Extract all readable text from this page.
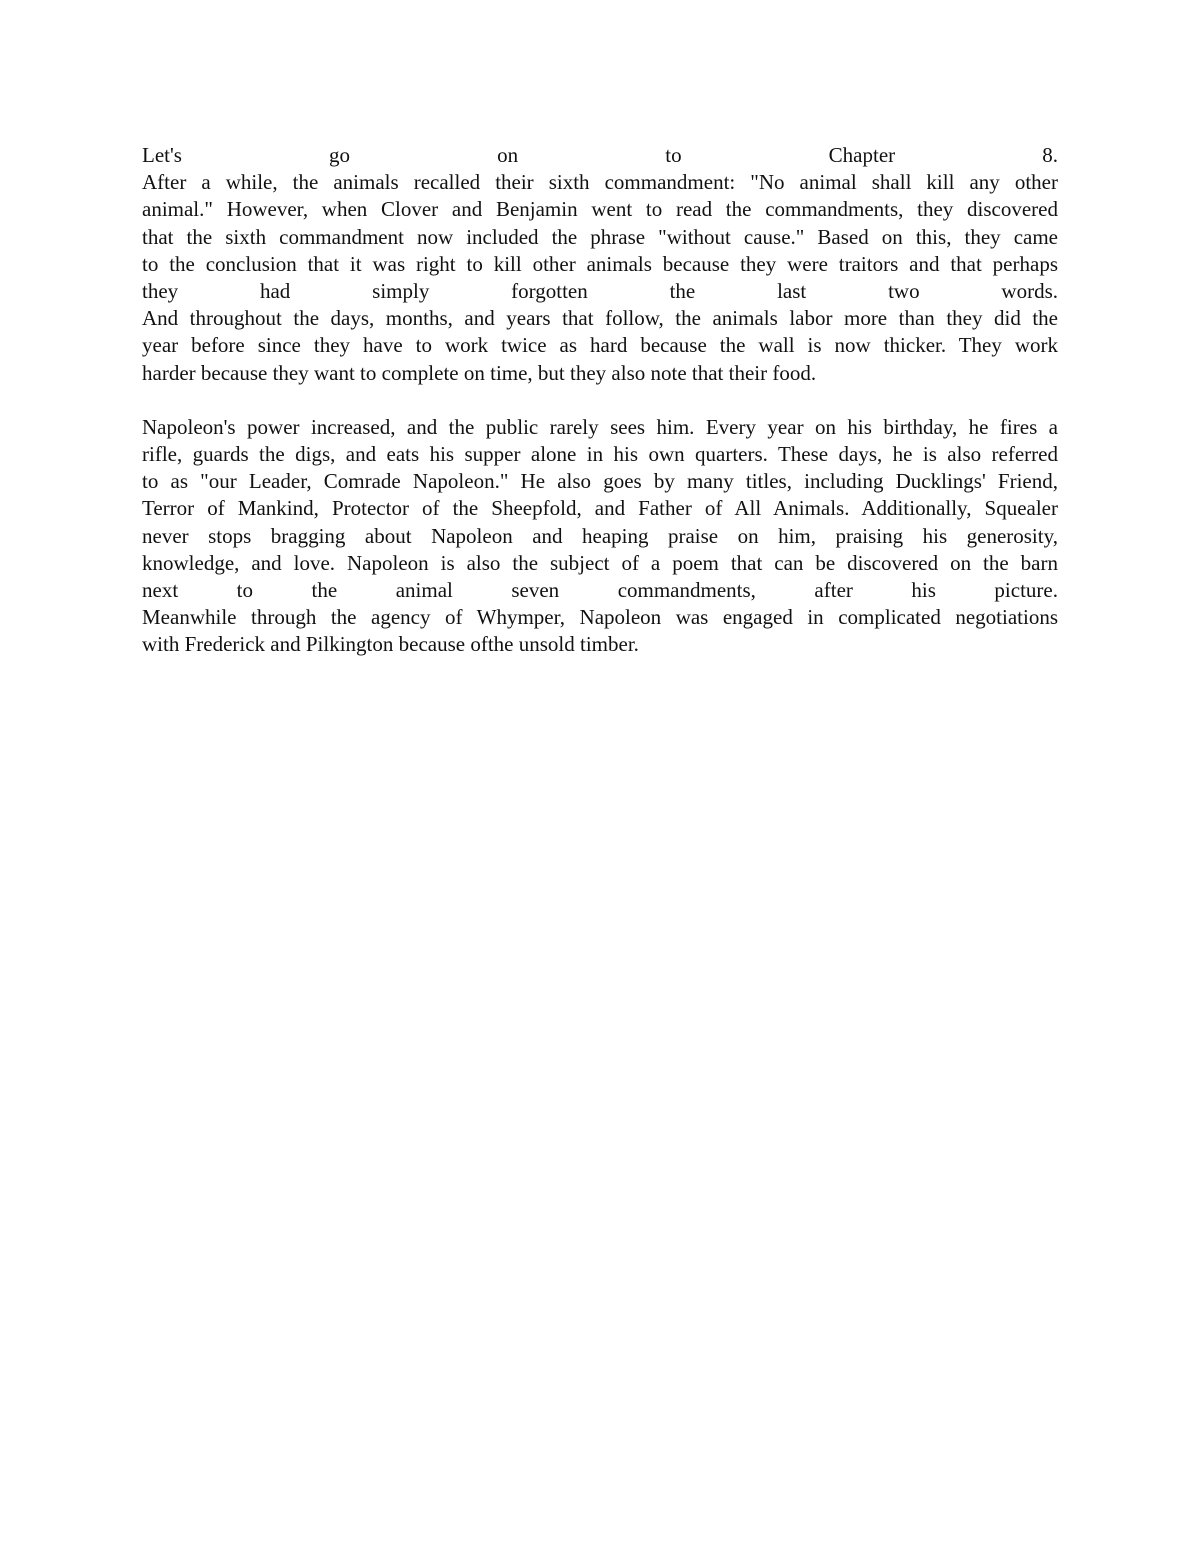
Let's go on to Chapter 8.
After a while, the animals recalled their sixth commandment: "No animal shall kill any other
animal." However, when Clover and Benjamin went to read the commandments, they discovered
that the sixth commandment now included the phrase "without cause." Based on this, they came
to the conclusion that it was right to kill other animals because they were traitors and that perhaps
they had simply forgotten the last two words.
And throughout the days, months, and years that follow, the animals labor more than they did the
year before since they have to work twice as hard because the wall is now thicker. They work
harder because they want to complete on time, but they also note that their food.
Napoleon's power increased, and the public rarely sees him. Every year on his birthday, he fires a
rifle, guards the digs, and eats his supper alone in his own quarters. These days, he is also referred
to as "our Leader, Comrade Napoleon." He also goes by many titles, including Ducklings' Friend,
Terror of Mankind, Protector of the Sheepfold, and Father of All Animals. Additionally, Squealer
never stops bragging about Napoleon and heaping praise on him, praising his generosity,
knowledge, and love. Napoleon is also the subject of a poem that can be discovered on the barn
next to the animal seven commandments, after his picture.
Meanwhile through the agency of Whymper, Napoleon was engaged in complicated negotiations
with Frederick and Pilkington because ofthe unsold timber.
